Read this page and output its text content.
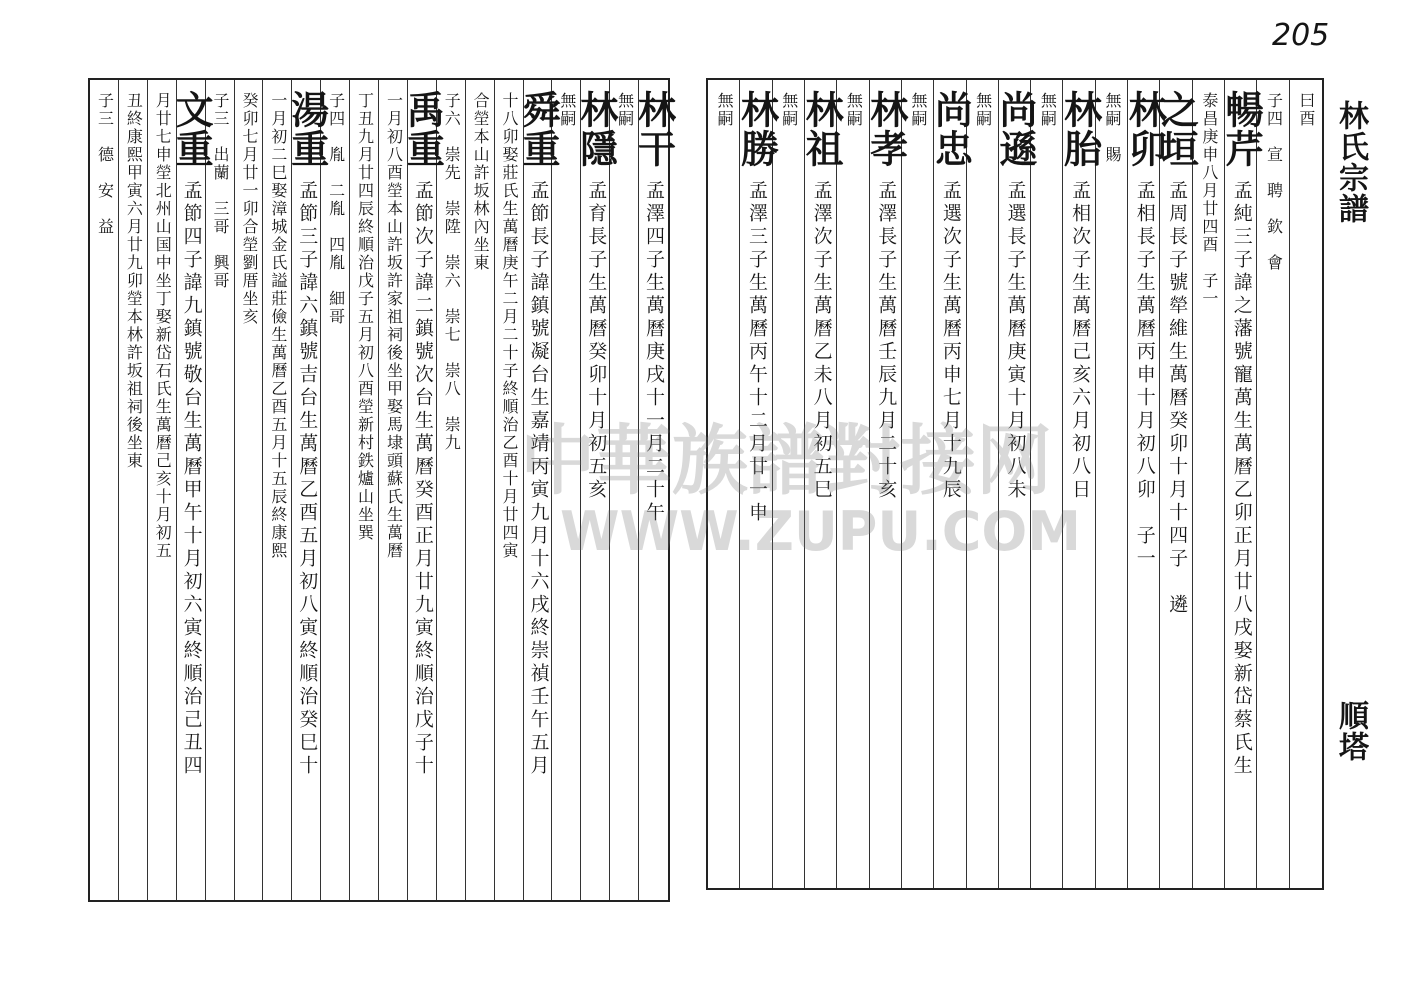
205
林干
孟澤四子生萬曆庚戌十一月二十午
無嗣
林隱
孟育長子生萬曆癸卯十月初五亥
無嗣
舜重
孟節長子諱鎮號凝台生嘉靖丙寅九月十六戌終崇禎壬午五月
十八卯娶莊氏生萬曆庚午二月二十子終順治乙酉十月廿四寅
合塋本山許坂林內坐東
子六　崇先　崇陞　崇六　崇七　崇八　崇九
禹重
孟節次子諱二鎮號次台生萬曆癸酉正月廿九寅終順治戊子十
一月初八酉塋本山許坂許家祖祠後坐甲娶馬埭頭蘇氏生萬曆
丁丑九月廿四辰終順治戊子五月初八酉塋新村鉄爐山坐巽
子四　胤　二胤　四胤　細哥
湯重
孟節三子諱六鎮號吉台生萬曆乙酉五月初八寅終順治癸巳十
一月初二巳娶漳城金氏謚莊儉生萬曆乙酉五月十五辰終康熙
癸卯七月廿一卯合塋劉厝坐亥
子三　出蘭　三哥　興哥
文重
孟節四子諱九鎮號敬台生萬曆甲午十月初六寅終順治己丑四
月廿七申塋北州山国中坐丁娶新岱石氏生萬曆己亥十月初五
丑終康熙甲寅六月廿九卯塋本林許坂祖祠後坐東
子三　德　安　益	曰酉
子四　宣　聘　欽　會
暢芹
孟純三子諱之藩號寵萬生萬曆乙卯正月廿八戌娶新岱蔡氏生
泰昌庚申八月廿四酉　子一
之垣
孟周長子號犖維生萬曆癸卯十月十四子　遴
林卯
孟相長子生萬曆丙申十月初八卯　子一
無嗣　賜
林胎
孟相次子生萬曆己亥六月初八日
無嗣
尚遜
孟選長子生萬曆庚寅十月初八未
無嗣
尚忠
孟選次子生萬曆丙申七月十九辰
無嗣
林孝
孟澤長子生萬曆壬辰九月二十亥
無嗣
林祖
孟澤次子生萬曆乙未八月初五巳
無嗣
林勝
孟澤三子生萬曆丙午十二月廿一申
無嗣	林氏宗譜
順塔
中華族譜對接网
WWW.ZUPU.COM
